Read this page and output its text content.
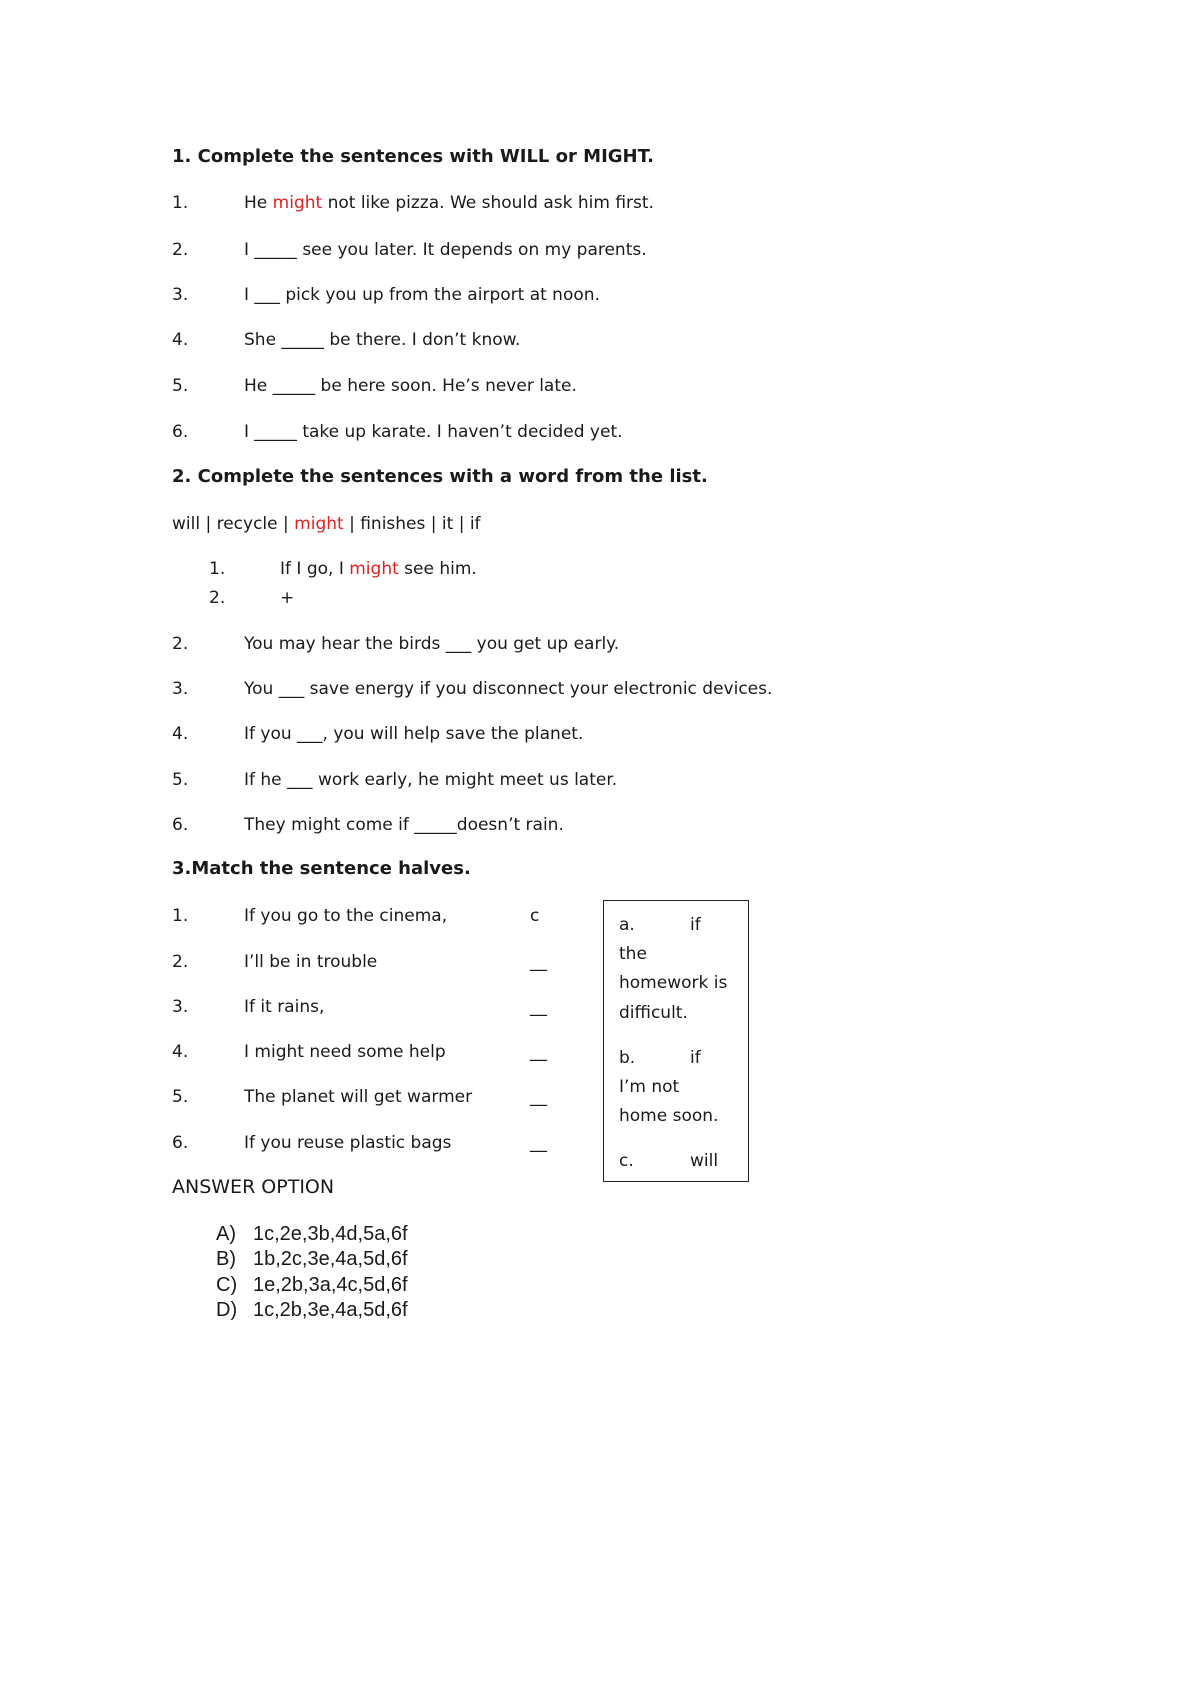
1. Complete the sentences with WILL or MIGHT.
1.	He might not like pizza. We should ask him first.
2.	I _____ see you later. It depends on my parents.
3.	I ___ pick you up from the airport at noon.
4.	She _____ be there. I don’t know.
5.	He _____ be here soon. He’s never late.
6.	I _____ take up karate. I haven’t decided yet.
2. Complete the sentences with a word from the list.
will | recycle | might | finishes | it | if
1.	If I go, I might see him.
2.	+
2.	You may hear the birds ___ you get up early.
3.	You ___ save energy if you disconnect your electronic devices.
4.	If you ___, you will help save the planet.
5.	If he ___ work early, he might meet us later.
6.	They might come if _____doesn’t rain.
3.Match the sentence halves.
1.	If you go to the cinema,	c
2.	I’ll be in trouble	__
3.	If it rains,	__
4.	I might need some help	__
5.	The planet will get warmer	__
6.	If you reuse plastic bags	__
a.	if
the
homework is
difficult.
b.	if
I’m not
home soon.
c.	will
ANSWER OPTION
A) 1c,2e,3b,4d,5a,6f
B) 1b,2c,3e,4a,5d,6f
C) 1e,2b,3a,4c,5d,6f
D) 1c,2b,3e,4a,5d,6f
